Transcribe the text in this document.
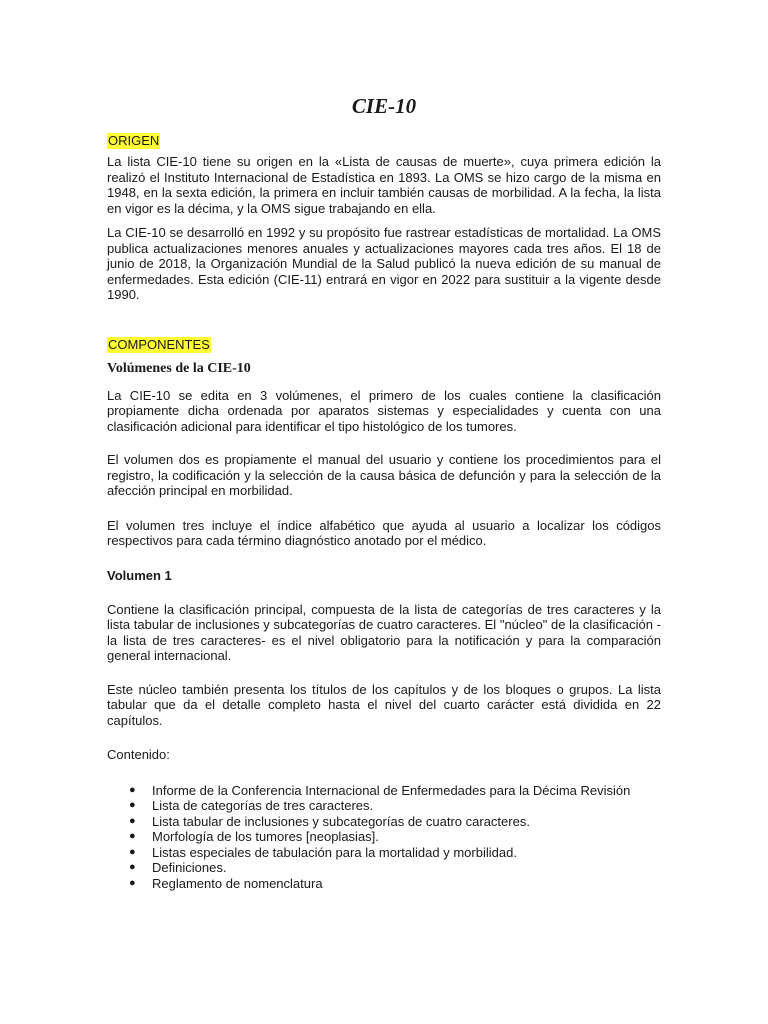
CIE-10
ORIGEN

La lista CIE-10 tiene su origen en la «Lista de causas de muerte», cuya primera edición la realizó el Instituto Internacional de Estadística en 1893. La OMS se hizo cargo de la misma en 1948, en la sexta edición, la primera en incluir también causas de morbilidad. A la fecha, la lista en vigor es la décima, y la OMS sigue trabajando en ella.

La CIE-10 se desarrolló en 1992 y su propósito fue rastrear estadísticas de mortalidad. La OMS publica actualizaciones menores anuales y actualizaciones mayores cada tres años. El 18 de junio de 2018, la Organización Mundial de la Salud publicó la nueva edición de su manual de enfermedades. Esta edición (CIE-11) entrará en vigor en 2022 para sustituir a la vigente desde 1990.

COMPONENTES
Volúmenes de la CIE-10

La CIE-10 se edita en 3 volúmenes, el primero de los cuales contiene la clasificación propiamente dicha ordenada por aparatos sistemas y especialidades y cuenta con una clasificación adicional para identificar el tipo histológico de los tumores.

El volumen dos es propiamente el manual del usuario y contiene los procedimientos para el registro, la codificación y la selección de la causa básica de defunción y para la selección de la afección principal en morbilidad.

El volumen tres incluye el índice alfabético que ayuda al usuario a localizar los códigos respectivos para cada término diagnóstico anotado por el médico.

Volumen 1

Contiene la clasificación principal, compuesta de la lista de categorías de tres caracteres y la lista tabular de inclusiones y subcategorías de cuatro caracteres. El "núcleo" de la clasificación -la lista de tres caracteres- es el nivel obligatorio para la notificación y para la comparación general internacional.

Este núcleo también presenta los títulos de los capítulos y de los bloques o grupos. La lista tabular que da el detalle completo hasta el nivel del cuarto carácter está dividida en 22 capítulos.

Contenido:

● Informe de la Conferencia Internacional de Enfermedades para la Décima Revisión
● Lista de categorías de tres caracteres.
● Lista tabular de inclusiones y subcategorías de cuatro caracteres.
● Morfología de los tumores [neoplasias].
● Listas especiales de tabulación para la mortalidad y morbilidad.
● Definiciones.
● Reglamento de nomenclatura
